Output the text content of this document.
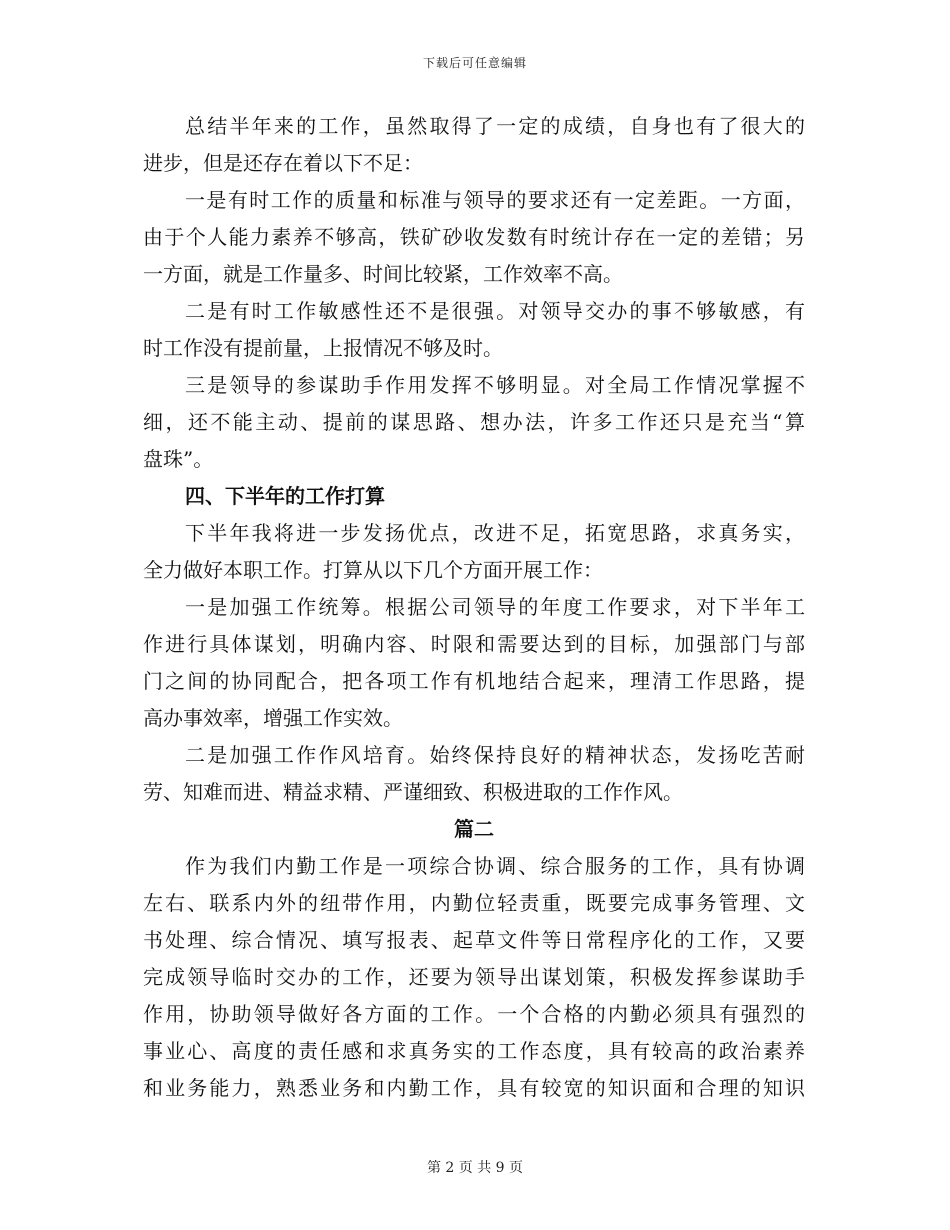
下载后可任意编辑
总结半年来的工作，虽然取得了一定的成绩，自身也有了很大的
进步，但是还存在着以下不足：
一是有时工作的质量和标准与领导的要求还有一定差距。一方面，
由于个人能力素养不够高，铁矿砂收发数有时统计存在一定的差错；另
一方面，就是工作量多、时间比较紧，工作效率不高。
二是有时工作敏感性还不是很强。对领导交办的事不够敏感，有
时工作没有提前量，上报情况不够及时。
三是领导的参谋助手作用发挥不够明显。对全局工作情况掌握不
细，还不能主动、提前的谋思路、想办法，许多工作还只是充当“算
盘珠”。
四、下半年的工作打算
下半年我将进一步发扬优点，改进不足，拓宽思路，求真务实，
全力做好本职工作。打算从以下几个方面开展工作：
一是加强工作统筹。根据公司领导的年度工作要求，对下半年工
作进行具体谋划，明确内容、时限和需要达到的目标，加强部门与部
门之间的协同配合，把各项工作有机地结合起来，理清工作思路，提
高办事效率，增强工作实效。
二是加强工作作风培育。始终保持良好的精神状态，发扬吃苦耐
劳、知难而进、精益求精、严谨细致、积极进取的工作作风。
篇二
作为我们内勤工作是一项综合协调、综合服务的工作，具有协调
左右、联系内外的纽带作用，内勤位轻责重，既要完成事务管理、文
书处理、综合情况、填写报表、起草文件等日常程序化的工作，又要
完成领导临时交办的工作，还要为领导出谋划策，积极发挥参谋助手
作用，协助领导做好各方面的工作。一个合格的内勤必须具有强烈的
事业心、高度的责任感和求真务实的工作态度，具有较高的政治素养
和业务能力，熟悉业务和内勤工作，具有较宽的知识面和合理的知识
第 2 页 共 9 页
